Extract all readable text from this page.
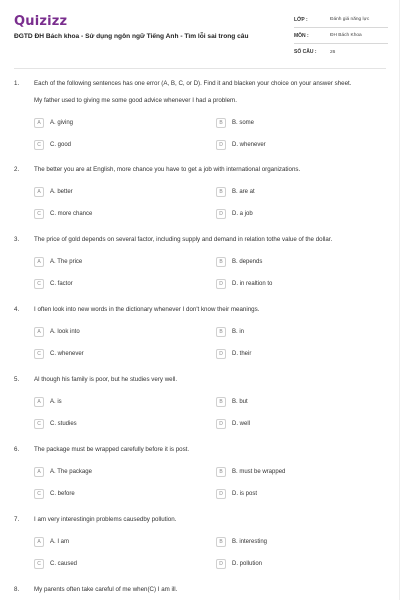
Quizizz
ĐGTD ĐH Bách khoa - Sử dụng ngôn ngữ Tiếng Anh - Tìm lỗi sai trong câu
LỚP :	Đánh giá năng lực
MÔN :	ĐH Bách Khoa
SỐ CÂU :	26
1. Each of the following sentences has one error (A, B, C, or D). Find it and blacken your choice on your answer sheet.
My father used to giving me some good advice whenever I had a problem.
A	A. giving	B	B. some
C	C. good	D	D. whenever
2. The better you are at English, more chance you have to get a job with international organizations.
A	A. better	B	B. are at
C	C. more chance	D	D. a job
3. The price of gold depends on several factor, including supply and demand in relation tothe value of the dollar.
A	A. The price	B	B. depends
C	C. factor	D	D. in realtion to
4. I often look into new words in the dictionary whenever I don't know their meanings.
A	A. look into	B	B. in
C	C. whenever	D	D. their
5. Al though his family is poor, but he studies very well.
A	A. is	B	B. but
C	C. studies	D	D. well
6. The package must be wrapped carefully before it is post.
A	A. The package	B	B. must be wrapped
C	C. before	D	D. is post
7. I am very interestingin problems causedby pollution.
A	A. I am	B	B. interesting
C	C. caused	D	D. pollution
8. My parents often take careful of me when(C) I am ill.
